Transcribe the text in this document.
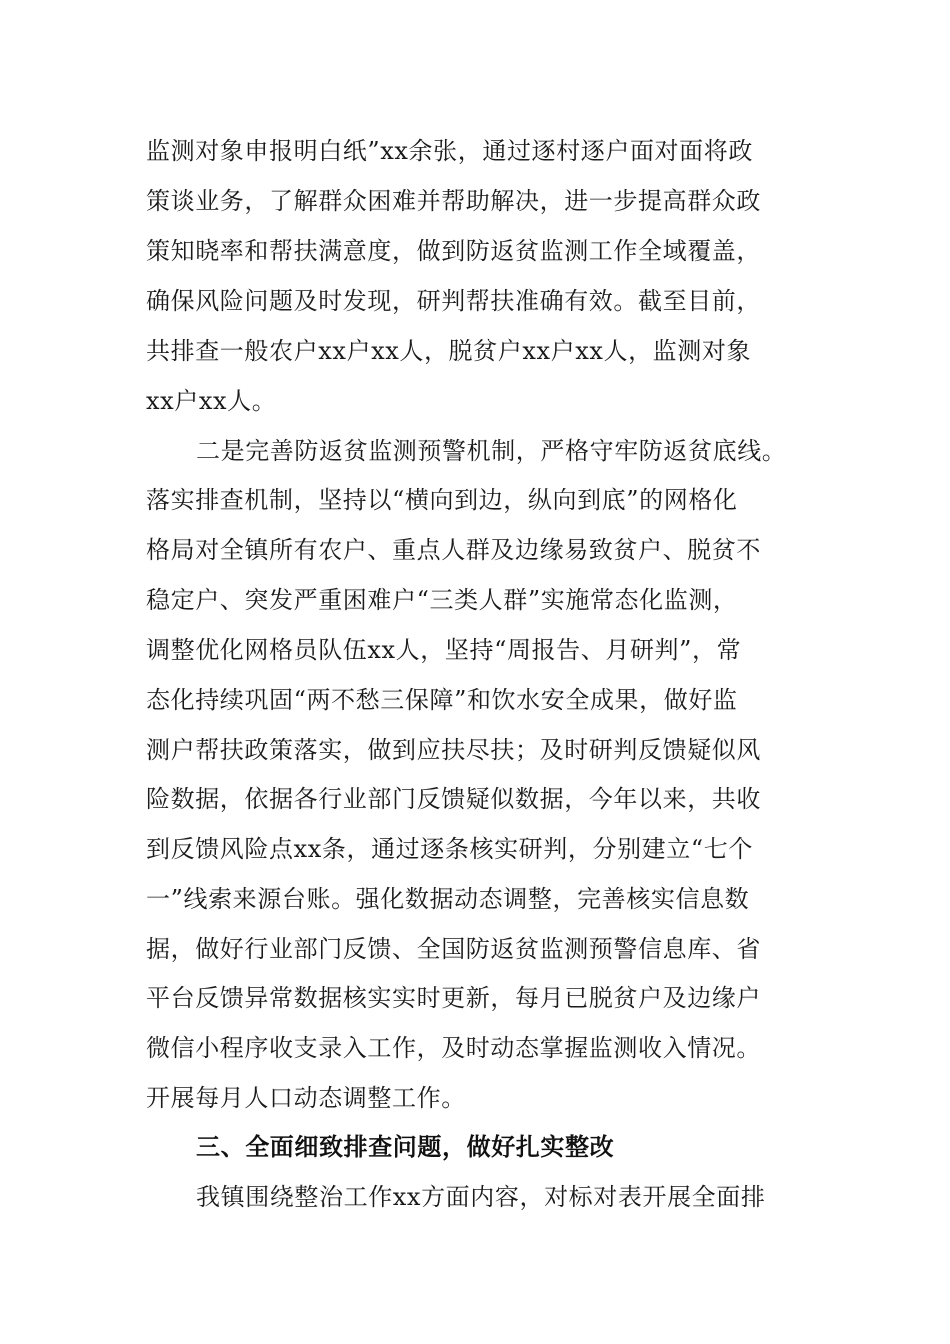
监测对象申报明白纸”xx余张，通过逐村逐户面对面将政
策谈业务，了解群众困难并帮助解决，进一步提高群众政
策知晓率和帮扶满意度，做到防返贫监测工作全域覆盖，
确保风险问题及时发现，研判帮扶准确有效。截至目前，
共排查一般农户xx户xx人，脱贫户xx户xx人，监测对象
xx户xx人。
二是完善防返贫监测预警机制，严格守牢防返贫底线。
落实排查机制，坚持以“横向到边，纵向到底”的网格化
格局对全镇所有农户、重点人群及边缘易致贫户、脱贫不
稳定户、突发严重困难户“三类人群”实施常态化监测，
调整优化网格员队伍xx人，坚持“周报告、月研判”，常
态化持续巩固“两不愁三保障”和饮水安全成果，做好监
测户帮扶政策落实，做到应扶尽扶；及时研判反馈疑似风
险数据，依据各行业部门反馈疑似数据，今年以来，共收
到反馈风险点xx条，通过逐条核实研判，分别建立“七个
一”线索来源台账。强化数据动态调整，完善核实信息数
据，做好行业部门反馈、全国防返贫监测预警信息库、省
平台反馈异常数据核实实时更新，每月已脱贫户及边缘户
微信小程序收支录入工作，及时动态掌握监测收入情况。
开展每月人口动态调整工作。
三、全面细致排查问题，做好扎实整改
我镇围绕整治工作xx方面内容，对标对表开展全面排
